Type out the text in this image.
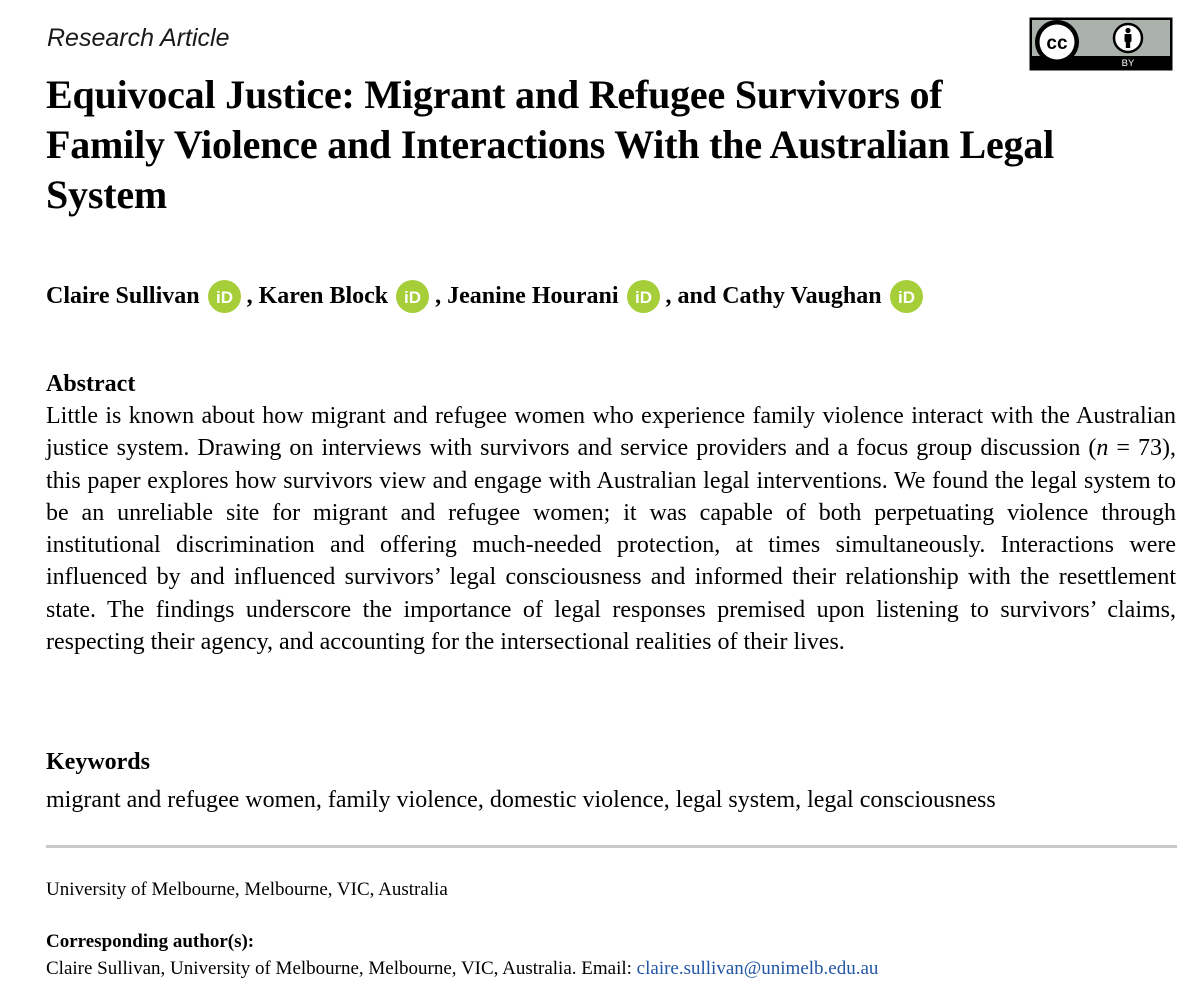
Research Article	cc
BY
Equivocal Justice: Migrant and Refugee Survivors of
Family Violence and Interactions With the Australian Legal
System
Claire Sullivan iD , Karen Block iD , Jeanine Hourani iD , and Cathy Vaughan iD
Abstract

Little is known about how migrant and refugee women who experience family violence interact with the Australian justice system. Drawing on interviews with survivors and service providers and a focus group discussion (n = 73), this paper explores how survivors view and engage with Australian legal interventions. We found the legal system to be an unreliable site for migrant and refugee women; it was capable of both perpetuating violence through institutional discrimination and offering much-needed protection, at times simultaneously. Interactions were influenced by and influenced survivors’ legal consciousness and informed their relationship with the resettlement state. The findings underscore the importance of legal responses premised upon listening to survivors’ claims, respecting their agency, and accounting for the intersectional realities of their lives.

Keywords
migrant and refugee women, family violence, domestic violence, legal system, legal consciousness
University of Melbourne, Melbourne, VIC, Australia
Corresponding author(s):
Claire Sullivan, University of Melbourne, Melbourne, VIC, Australia. Email: claire.sullivan@unimelb.edu.au
